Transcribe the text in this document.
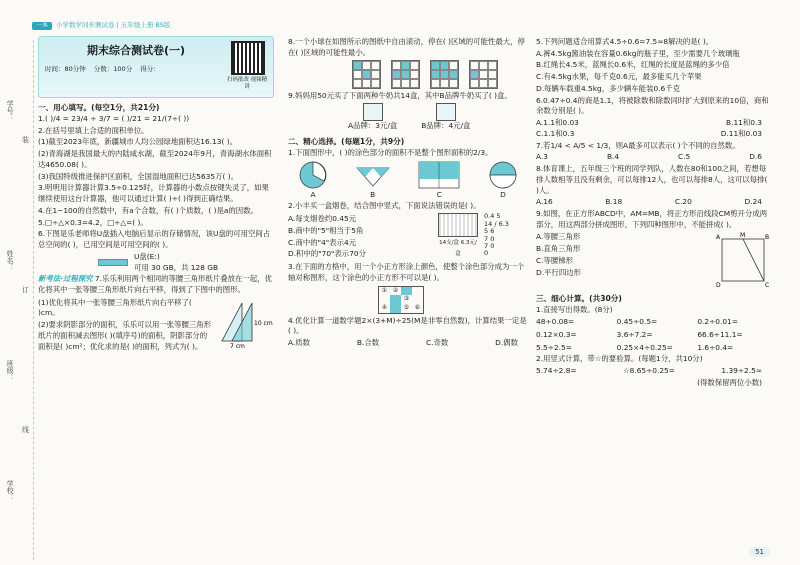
一本	小学数学同步测试卷 | 五年级上册 BS版
学号：
姓名：
班级：
学校：
装
订
线
期末综合测试卷(一)
时间：80分钟 分数：100分 得分：
扫码批改 视频精讲
一、用心填写。(每空1分，共21分)

1.( )/4 = 23/4 ÷ 3/7 = ( )/21 = 21/(7÷( ))

2.在括号里填上合适的面积单位。

(1)截至2023年底，新疆城市人均公园绿地面积达16.13( )。

(2)青海湖是我国最大的内陆咸水湖，截至2024年9月，青海湖水体面积达4650.08( )。

(3)我国特级推进保护区面积，全国湿地面积已达5635万( )。

3.明明用计算器计算3.5÷0.125时，计算器的小数点按键失灵了，如果继续使用这台计算器，他可以通过计算( )÷( )得到正确结果。

4.在1~100的自然数中，有a个合数，有( )个质数，( )是a的因数。

5.□÷△×0.3=4.2，□÷△=( )。

6.下图是乐老师将U盘插入电脑后显示的存储情况，该U盘的可用空间占总空间的( )，已用空间是可用空间的( )。

U盘(E:)
可用 30 GB，共 128 GB

新考法·过程探究 7.乐乐利用两个相同的等腰三角形纸片叠放在一起，优化将其中一张等腰三角形纸片向右平移，得到了下图中的图形。

(1)优化将其中一张等腰三角形纸片向右平移了( )cm。

(2)要求阴影部分的面积，乐乐可以用一张等腰三角形纸片的面积减去图形( )(填序号)的面积，阴影部分的面积是( )cm²；优化求的是( )的面积，列式为( )。

10 cm
7 cm

8.一个小球在如图所示的图纸中自由滚动，停在( )区域的可能性最大，停在( )区域的可能性最小。

9.妈妈用50元买了下面两种牛奶共14盒，其中B品牌牛奶买了( )盒。

A品牌：3元/盒	B品牌：4元/盒
二、精心选择。(每题1分，共9分)

1.下面图形中，( )的涂色部分的面积不是整个图形面积的2/3。

A	B	C	D

2.小丰买一盒烟卷，结合图中竖式，下面说法错误的是( )。

A.每支烟卷约0.45元

B.商中的"5"相当于5角

C.商中的"4"表示4元

D.积中的"70"表示70分

14支/盒 6.3元/盒
0.4 5
14 / 6.3
5 6
7 0
7 0
0

3.在下面的方格中，用一个小正方形涂上颜色，使整个涂色部分成为一个轴对称图形，这个涂色的小正方形不可以是( )。

① ②
③
④	⑤ ⑥

4.优化计算一道数学题2×(3+M)÷25(M是非零自然数)，计算结果一定是( )。

A.质数	B.合数	C.奇数	D.偶数

5.下列问题适合用算式4.5÷0.6=7.5≈8解决的是( )。

A.裤4.5kg酱油装在容量0.6kg的瓶子里，至少需要几个玻璃瓶

B.红绳长4.5米，蓝绳长0.6米，红绳的长度是蓝绳的多少倍

C.有4.5kg水果，每千克0.6元，最多能买几个苹果

D.每辆车载重4.5kg，多少辆车能装0.6千克

6.0.47÷0.4的商是1.1，将被除数和除数同时扩大到原来的10倍，商和余数分别是( )。

A.1.1和0.03	B.11和0.3
C.1.1和0.3	D.11和0.03

7.若1/4 < A/5 < 1/3，则A最多可以表示( )个不同的自然数。

A.3	B.4	C.5	D.6

8.体育课上，五年级三个班的同学列队，人数在80和100之间，若想每排人数相等且没有剩余，可以每排12人，也可以每排8人，这可以每排( )人。

A.16	B.18	C.20	D.24

9.如图，在正方形ABCD中，AM=MB，将正方形沿线段CM剪开分成两部分，用这两部分拼成图形，下列四种图形中，不能拼成( )。

A.等腰三角形

B.直角三角形

C.等腰梯形

D.平行四边形

A	M	B
D	C
三、细心计算。(共30分)

1.直接写出得数。(8分)

48÷0.08=	0.45÷0.5=	0.2÷0.01=
0.12×0.3=	3.6÷7.2=	66.6÷11.1=
5.5÷2.5=	0.25×4÷0.25=	1.6÷0.4=

2.用竖式计算，带☆的要验算。(每题1分，共10分)

5.74÷2.8=	☆8.65÷0.25=	1.39÷2.5≈

(得数保留两位小数)

51
